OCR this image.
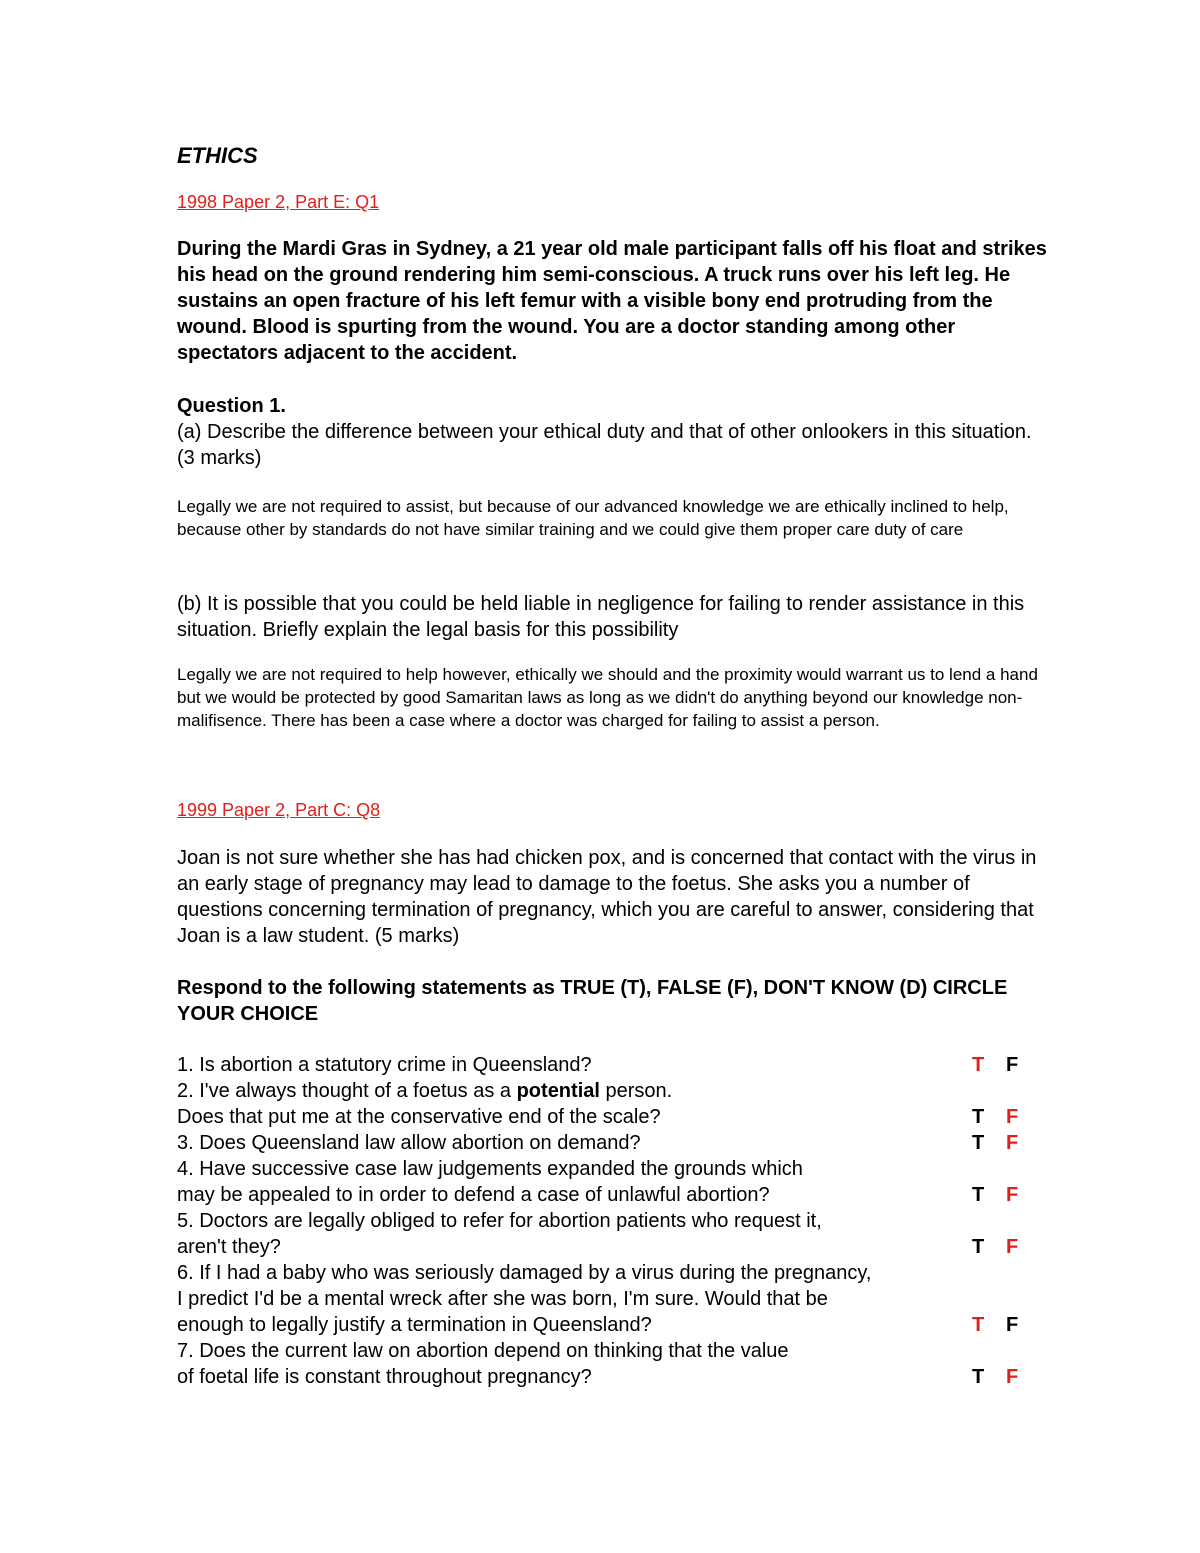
ETHICS

1998 Paper 2, Part E: Q1

During the Mardi Gras in Sydney, a 21 year old male participant falls off his float and strikes his head on the ground rendering him semi-conscious. A truck runs over his left leg. He sustains an open fracture of his left femur with a visible bony end protruding from the wound. Blood is spurting from the wound. You are a doctor standing among other spectators adjacent to the accident.

Question 1.

(a) Describe the difference between your ethical duty and that of other onlookers in this situation. (3 marks)

Legally we are not required to assist, but because of our advanced knowledge we are ethically inclined to help, because other by standards do not have similar training and we could give them proper care duty of care

(b) It is possible that you could be held liable in negligence for failing to render assistance in this situation. Briefly explain the legal basis for this possibility

Legally we are not required to help however, ethically we should and the proximity would warrant us to lend a hand but we would be protected by good Samaritan laws as long as we didn't do anything beyond our knowledge non-malifisence. There has been a case where a doctor was charged for failing to assist a person.

1999 Paper 2, Part C: Q8

Joan is not sure whether she has had chicken pox, and is concerned that contact with the virus in an early stage of pregnancy may lead to damage to the foetus. She asks you a number of questions concerning termination of pregnancy, which you are careful to answer, considering that Joan is a law student. (5 marks)

Respond to the following statements as TRUE (T), FALSE (F), DON'T KNOW (D) CIRCLE YOUR CHOICE

1. Is abortion a statutory crime in Queensland?	T F
2. I've always thought of a foetus as a potential person.
Does that put me at the conservative end of the scale?	T F
3. Does Queensland law allow abortion on demand?	T F
4. Have successive case law judgements expanded the grounds which
may be appealed to in order to defend a case of unlawful abortion?	T F
5. Doctors are legally obliged to refer for abortion patients who request it,
aren't they?	T F
6. If I had a baby who was seriously damaged by a virus during the pregnancy,
I predict I'd be a mental wreck after she was born, I'm sure. Would that be
enough to legally justify a termination in Queensland?	T F
7. Does the current law on abortion depend on thinking that the value
of foetal life is constant throughout pregnancy?	T F
